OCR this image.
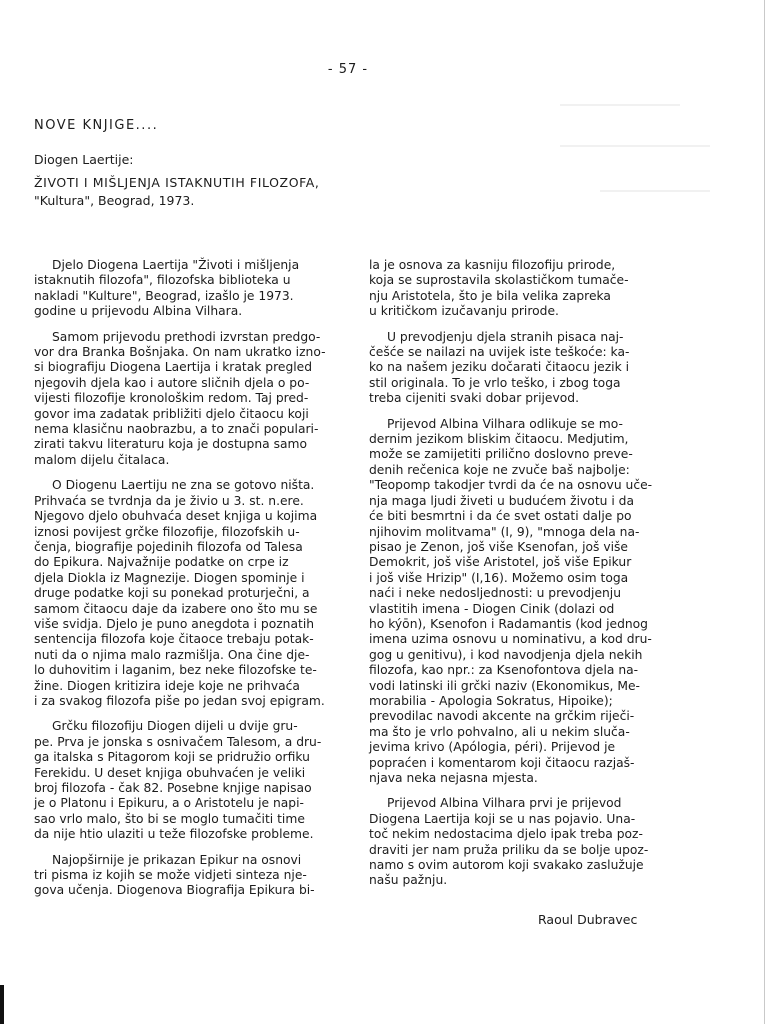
- 57 -
NOVE KNJIGE....
Diogen Laertije:
ŽIVOTI I MIŠLJENJA ISTAKNUTIH FILOZOFA,
"Kultura", Beograd, 1973.

Djelo Diogena Laertija "Životi i mišljenja
istaknutih filozofa", filozofska biblioteka u
nakladi "Kulture", Beograd, izašlo je 1973.
godine u prijevodu Albina Vilhara.

Samom prijevodu prethodi izvrstan predgo-
vor dra Branka Bošnjaka. On nam ukratko izno-
si biografiju Diogena Laertija i kratak pregled
njegovih djela kao i autore sličnih djela o po-
vijesti filozofije kronološkim redom. Taj pred-
govor ima zadatak približiti djelo čitaocu koji
nema klasičnu naobrazbu, a to znači populari-
zirati takvu literaturu koja je dostupna samo
malom dijelu čitalaca.

O Diogenu Laertiju ne zna se gotovo ništa.
Prihvaća se tvrdnja da je živio u 3. st. n.ere.
Njegovo djelo obuhvaća deset knjiga u kojima
iznosi povijest grčke filozofije, filozofskih u-
čenja, biografije pojedinih filozofa od Talesa
do Epikura. Najvažnije podatke on crpe iz
djela Diokla iz Magnezije. Diogen spominje i
druge podatke koji su ponekad proturječni, a
samom čitaocu daje da izabere ono što mu se
više svidja. Djelo je puno anegdota i poznatih
sentencija filozofa koje čitaoce trebaju potak-
nuti da o njima malo razmišlja. Ona čine dje-
lo duhovitim i laganim, bez neke filozofske te-
žine. Diogen kritizira ideje koje ne prihvaća
i za svakog filozofa piše po jedan svoj epigram.

Grčku filozofiju Diogen dijeli u dvije gru-
pe. Prva je jonska s osnivačem Talesom, a dru-
ga italska s Pitagorom koji se pridružio orfiku
Ferekidu. U deset knjiga obuhvaćen je veliki
broj filozofa - čak 82. Posebne knjige napisao
je o Platonu i Epikuru, a o Aristotelu je napi-
sao vrlo malo, što bi se moglo tumačiti time
da nije htio ulaziti u teže filozofske probleme.

Najopširnije je prikazan Epikur na osnovi
tri pisma iz kojih se može vidjeti sinteza nje-
gova učenja. Diogenova Biografija Epikura bi-

la je osnova za kasniju filozofiju prirode,
koja se suprostavila skolastičkom tumače-
nju Aristotela, što je bila velika zapreka
u kritičkom izučavanju prirode.

U prevodjenju djela stranih pisaca naj-
češće se nailazi na uvijek iste teškoće: ka-
ko na našem jeziku dočarati čitaocu jezik i
stil originala. To je vrlo teško, i zbog toga
treba cijeniti svaki dobar prijevod.

Prijevod Albina Vilhara odlikuje se mo-
dernim jezikom bliskim čitaocu. Medjutim,
može se zamijetiti prilično doslovno preve-
denih rečenica koje ne zvuče baš najbolje:
"Teopomp takodjer tvrdi da će na osnovu uče-
nja maga ljudi živeti u budućem životu i da
će biti besmrtni i da će svet ostati dalje po
njihovim molitvama" (I, 9), "mnoga dela na-
pisao je Zenon, još više Ksenofan, još više
Demokrit, još više Aristotel, još više Epikur
i još više Hrizip" (I,16). Možemo osim toga
naći i neke nedosljednosti: u prevodjenju
vlastitih imena - Diogen Cinik (dolazi od
ho kýōn), Ksenofon i Radamantis (kod jednog
imena uzima osnovu u nominativu, a kod dru-
gog u genitivu), i kod navodjenja djela nekih
filozofa, kao npr.: za Ksenofontova djela na-
vodi latinski ili grčki naziv (Ekonomikus, Me-
morabilia - Apologia Sokratus, Hipoike);
prevodilac navodi akcente na grčkim riječi-
ma što je vrlo pohvalno, ali u nekim sluča-
jevima krivo (Apólogia, péri). Prijevod je
popraćen i komentarom koji čitaocu razjaš-
njava neka nejasna mjesta.

Prijevod Albina Vilhara prvi je prijevod
Diogena Laertija koji se u nas pojavio. Una-
toč nekim nedostacima djelo ipak treba poz-
draviti jer nam pruža priliku da se bolje upoz-
namo s ovim autorom koji svakako zaslužuje
našu pažnju.

Raoul Dubravec
